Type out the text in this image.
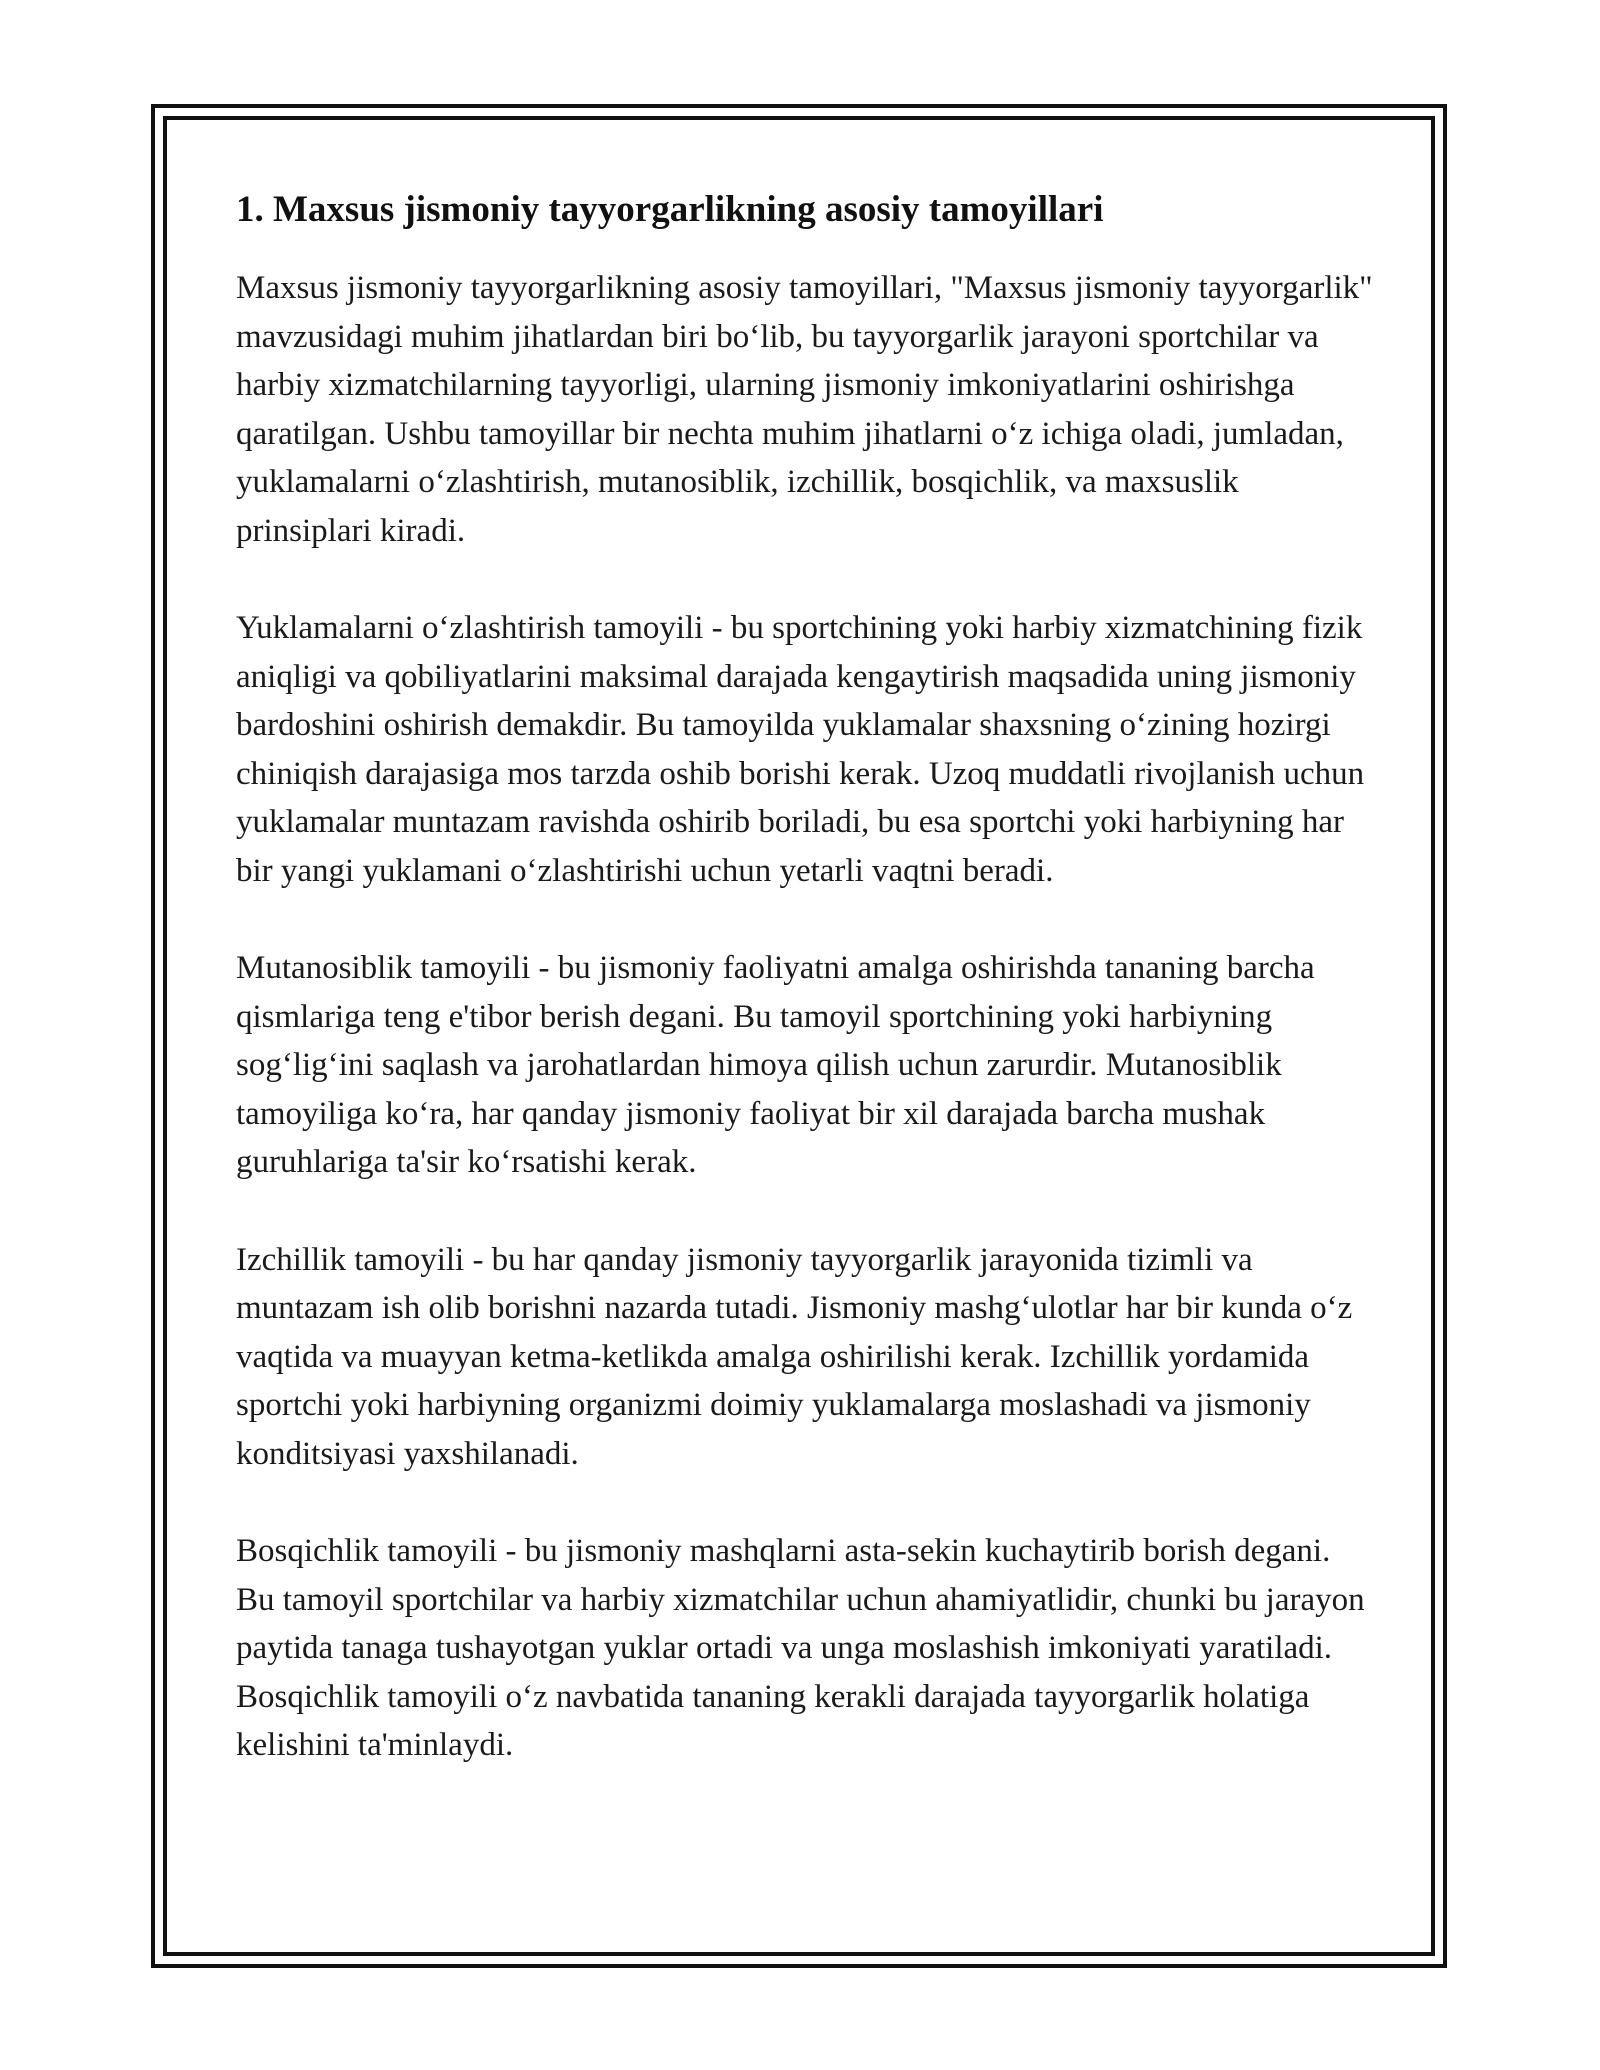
1. Maxsus jismoniy tayyorgarlikning asosiy tamoyillari

Maxsus jismoniy tayyorgarlikning asosiy tamoyillari, "Maxsus jismoniy tayyorgarlik" mavzusidagi muhim jihatlardan biri bo‘lib, bu tayyorgarlik jarayoni sportchilar va harbiy xizmatchilarning tayyorligi, ularning jismoniy imkoniyatlarini oshirishga qaratilgan. Ushbu tamoyillar bir nechta muhim jihatlarni o‘z ichiga oladi, jumladan, yuklamalarni o‘zlashtirish, mutanosiblik, izchillik, bosqichlik, va maxsuslik prinsiplari kiradi.

Yuklamalarni o‘zlashtirish tamoyili - bu sportchining yoki harbiy xizmatchining fizik aniqligi va qobiliyatlarini maksimal darajada kengaytirish maqsadida uning jismoniy bardoshini oshirish demakdir. Bu tamoyilda yuklamalar shaxsning o‘zining hozirgi chiniqish darajasiga mos tarzda oshib borishi kerak. Uzoq muddatli rivojlanish uchun yuklamalar muntazam ravishda oshirib boriladi, bu esa sportchi yoki harbiyning har bir yangi yuklamani o‘zlashtirishi uchun yetarli vaqtni beradi.

Mutanosiblik tamoyili - bu jismoniy faoliyatni amalga oshirishda tananing barcha qismlariga teng e'tibor berish degani. Bu tamoyil sportchining yoki harbiyning sog‘lig‘ini saqlash va jarohatlardan himoya qilish uchun zarurdir. Mutanosiblik tamoyiliga ko‘ra, har qanday jismoniy faoliyat bir xil darajada barcha mushak guruhlariga ta'sir ko‘rsatishi kerak.

Izchillik tamoyili - bu har qanday jismoniy tayyorgarlik jarayonida tizimli va muntazam ish olib borishni nazarda tutadi. Jismoniy mashg‘ulotlar har bir kunda o‘z vaqtida va muayyan ketma-ketlikda amalga oshirilishi kerak. Izchillik yordamida sportchi yoki harbiyning organizmi doimiy yuklamalarga moslashadi va jismoniy konditsiyasi yaxshilanadi.

Bosqichlik tamoyili - bu jismoniy mashqlarni asta-sekin kuchaytirib borish degani. Bu tamoyil sportchilar va harbiy xizmatchilar uchun ahamiyatlidir, chunki bu jarayon paytida tanaga tushayotgan yuklar ortadi va unga moslashish imkoniyati yaratiladi. Bosqichlik tamoyili o‘z navbatida tananing kerakli darajada tayyorgarlik holatiga kelishini ta'minlaydi.
